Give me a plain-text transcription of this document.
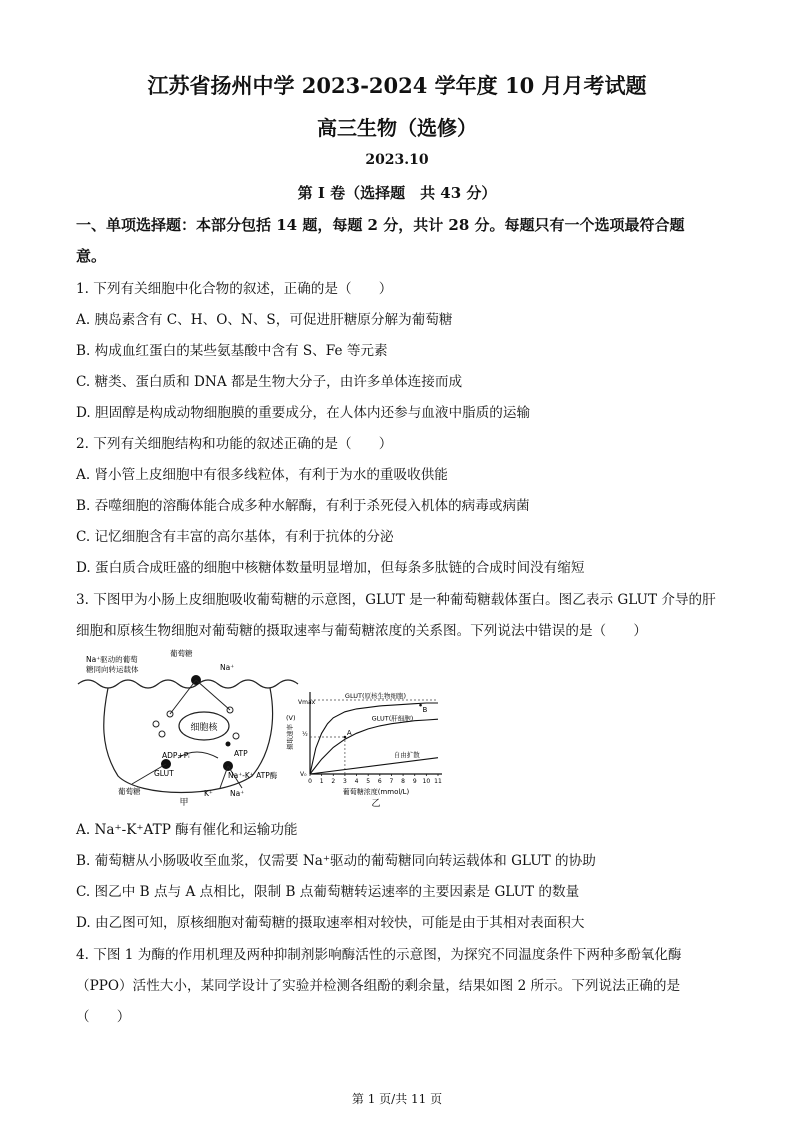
江苏省扬州中学 2023-2024 学年度 10 月月考试题
高三生物（选修）
2023.10
第 I 卷（选择题　共 43 分）
一、单项选择题：本部分包括 14 题，每题 2 分，共计 28 分。每题只有一个选项最符合题
意。
1. 下列有关细胞中化合物的叙述，正确的是（　　）
A. 胰岛素含有 C、H、O、N、S，可促进肝糖原分解为葡萄糖
B. 构成血红蛋白的某些氨基酸中含有 S、Fe 等元素
C. 糖类、蛋白质和 DNA 都是生物大分子，由许多单体连接而成
D. 胆固醇是构成动物细胞膜的重要成分，在人体内还参与血液中脂质的运输
2. 下列有关细胞结构和功能的叙述正确的是（　　）
A. 肾小管上皮细胞中有很多线粒体，有利于为水的重吸收供能
B. 吞噬细胞的溶酶体能合成多种水解酶，有利于杀死侵入机体的病毒或病菌
C. 记忆细胞含有丰富的高尔基体，有利于抗体的分泌
D. 蛋白质合成旺盛的细胞中核糖体数量明显增加，但每条多肽链的合成时间没有缩短
3. 下图甲为小肠上皮细胞吸收葡萄糖的示意图，GLUT 是一种葡萄糖载体蛋白。图乙表示 GLUT 介导的肝
细胞和原核生物细胞对葡萄糖的摄取速率与葡萄糖浓度的关系图。下列说法中错误的是（　　）
细胞核
Na⁺驱动的葡萄
糖同向转运载体
葡萄糖
Na⁺
ADP+Pᵢ	ATP
GLUT	Na⁺-K⁺ ATP酶
葡萄糖	K⁺ Na⁺
甲
0 1 2 3 4 5 6 7 8 9 10 11
GLUT(原核生物细胞)
GLUT(肝细胞)
自由扩散
A
B
Vmax
V₀
½
(V)
摄取速率
葡萄糖浓度(mmol/L)
乙
A. Na⁺-K⁺ATP 酶有催化和运输功能
B. 葡萄糖从小肠吸收至血浆，仅需要 Na⁺驱动的葡萄糖同向转运载体和 GLUT 的协助
C. 图乙中 B 点与 A 点相比，限制 B 点葡萄糖转运速率的主要因素是 GLUT 的数量
D. 由乙图可知，原核细胞对葡萄糖的摄取速率相对较快，可能是由于其相对表面积大
4. 下图 1 为酶的作用机理及两种抑制剂影响酶活性的示意图，为探究不同温度条件下两种多酚氧化酶
（PPO）活性大小，某同学设计了实验并检测各组酚的剩余量，结果如图 2 所示。下列说法正确的是
（　　）
第 1 页/共 11 页
